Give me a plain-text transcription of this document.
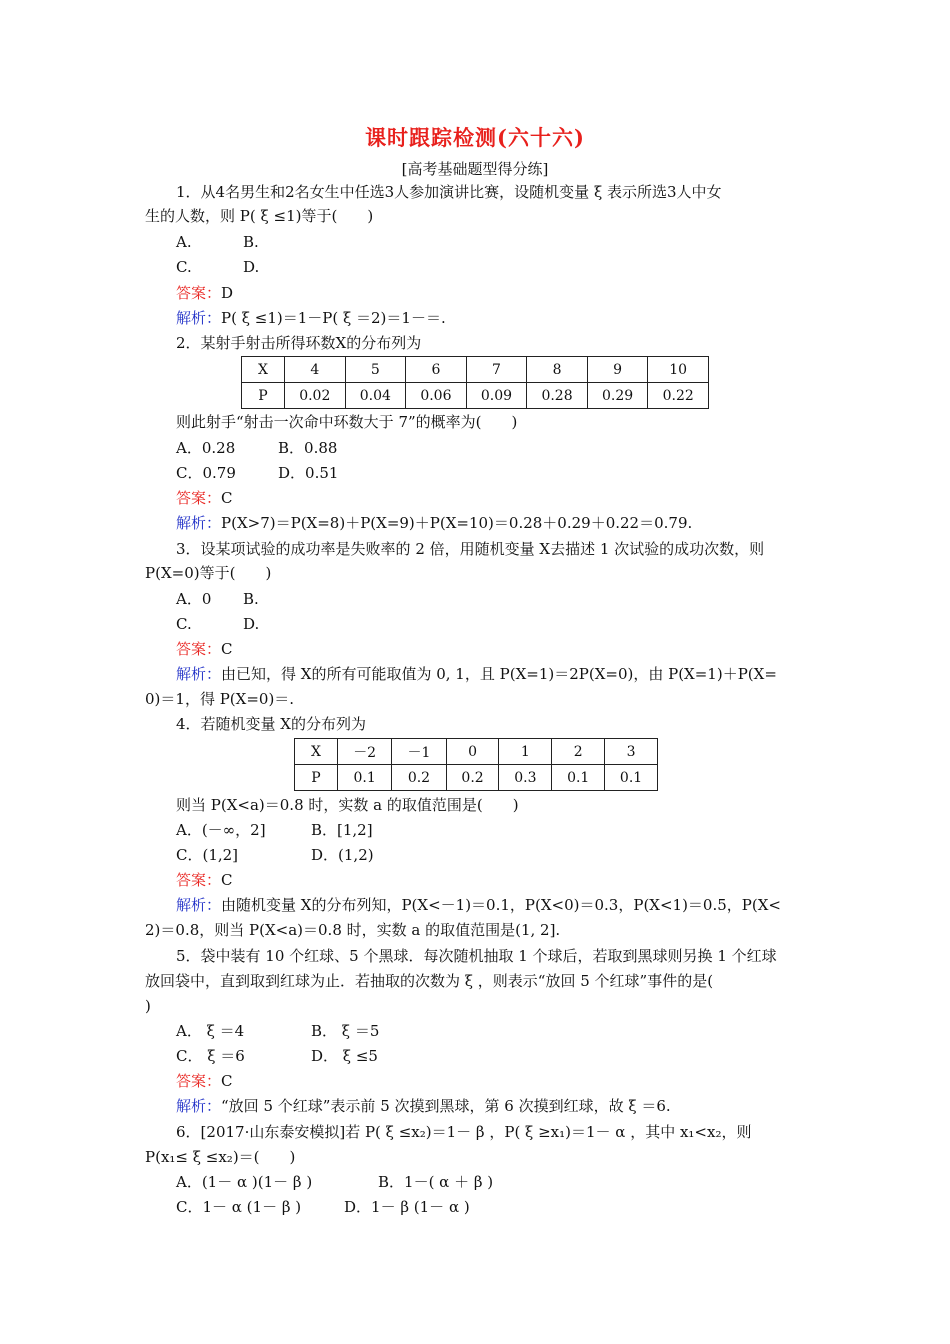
课时跟踪检测(六十六)
[高考基础题型得分练]
1．从4名男生和2名女生中任选3人参加演讲比赛，设随机变量 ξ 表示所选3人中女
生的人数，则 P( ξ ≤1)等于(　　)
A.	B.
C.	D.
答案：D
解析：P( ξ ≤1)＝1－P( ξ ＝2)＝1－＝.
2．某射手射击所得环数X的分布列为
X	4	5	6	7	8	9	10
P	0.02	0.04	0.06	0.09	0.28	0.29	0.22
则此射手“射击一次命中环数大于 7”的概率为(　　)
A．0.28	B．0.88
C．0.79	D．0.51
答案：C
解析：P(X>7)＝P(X=8)＋P(X=9)＋P(X=10)＝0.28＋0.29＋0.22＝0.79.
3．设某项试验的成功率是失败率的 2 倍，用随机变量 X去描述 1 次试验的成功次数，则
P(X=0)等于(　　)
A．0 B.
C.	D.
答案：C
解析：由已知，得 X的所有可能取值为 0, 1，且 P(X=1)＝2P(X=0)，由 P(X=1)＋P(X=
0)＝1，得 P(X=0)＝.
4．若随机变量 X的分布列为
X	－2	－1	0	1	2	3
P	0.1	0.2	0.2	0.3	0.1	0.1
则当 P(X<a)＝0.8 时，实数 a 的取值范围是(　　)
A．(－∞，2]	B．[1,2]
C．(1,2]	D．(1,2)
答案：C
解析：由随机变量 X的分布列知，P(X<－1)＝0.1，P(X<0)＝0.3，P(X<1)＝0.5，P(X<
2)＝0.8，则当 P(X<a)＝0.8 时，实数 a 的取值范围是(1, 2].
5．袋中装有 10 个红球、5 个黑球．每次随机抽取 1 个球后，若取到黑球则另换 1 个红球
放回袋中，直到取到红球为止．若抽取的次数为 ξ ，则表示“放回 5 个红球”事件的是(
)
A． ξ ＝4	B． ξ ＝5
C． ξ ＝6	D． ξ ≤5
答案：C
解析：“放回 5 个红球”表示前 5 次摸到黑球，第 6 次摸到红球，故 ξ ＝6.
6．[2017·山东泰安模拟]若 P( ξ ≤x₂)＝1－ β ，P( ξ ≥x₁)＝1－ α ，其中 x₁<x₂，则
P(x₁≤ ξ ≤x₂)＝(　　)
A．(1－ α )(1－ β )	B．1－( α ＋ β )
C．1－ α (1－ β )	D．1－ β (1－ α )
